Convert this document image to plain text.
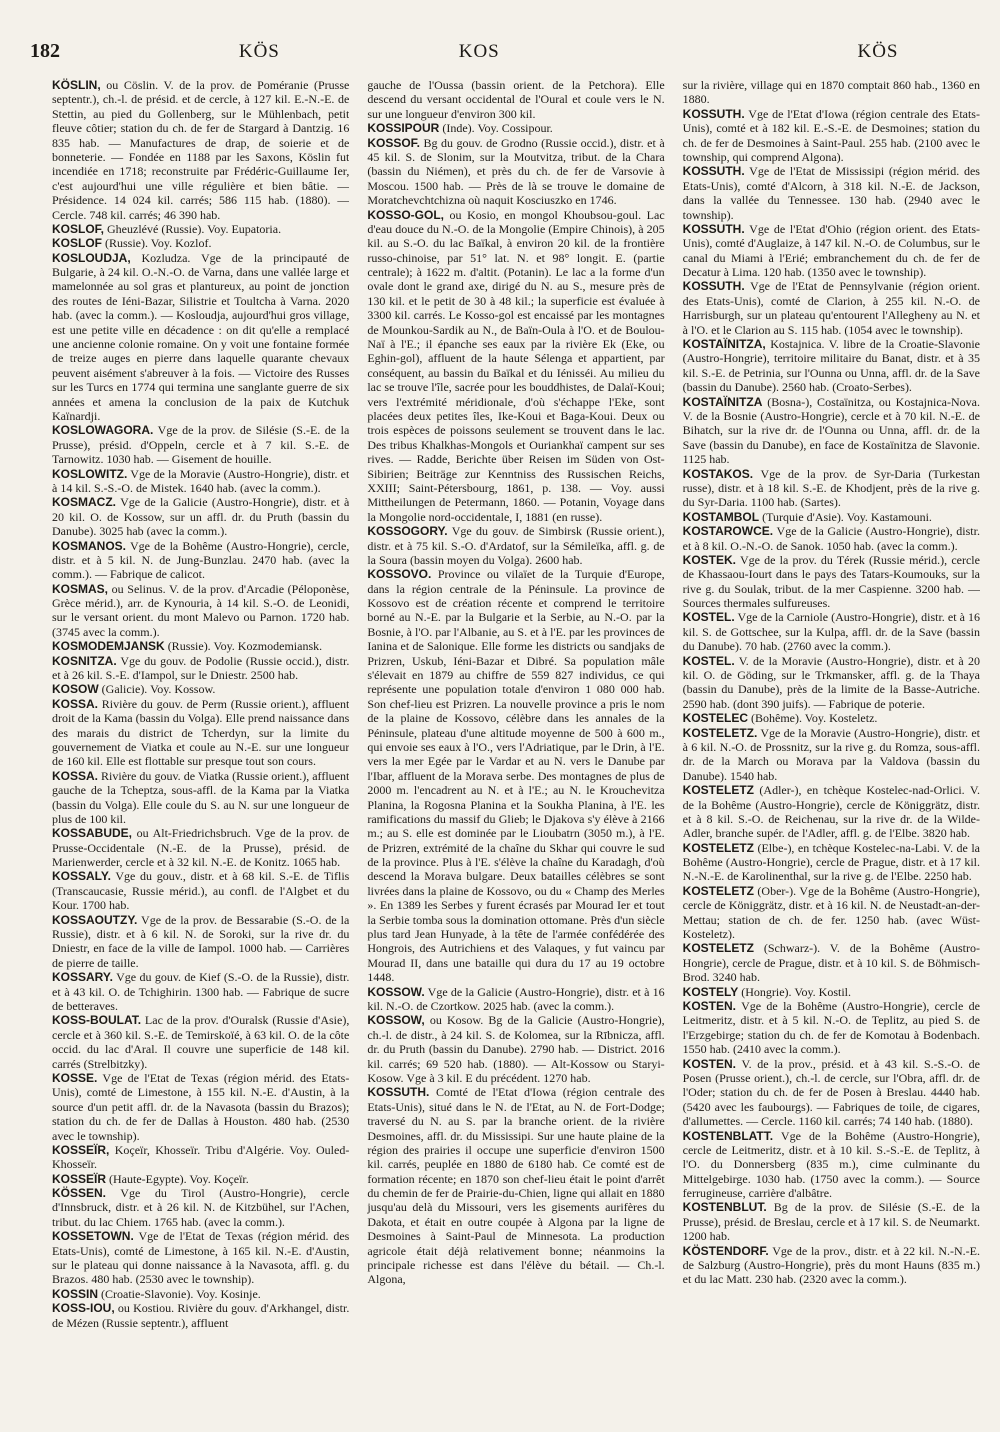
182	KÖS	KOS	KÖS

KÖSLIN, ou Cöslin. V. de la prov. de Poméranie (Prusse septentr.), ch.-l. de présid. et de cercle, à 127 kil. E.-N.-E. de Stettin, au pied du Gollenberg, sur le Mühlenbach, petit fleuve côtier; station du ch. de fer de Stargard à Dantzig. 16 835 hab. — Manufactures de drap, de soierie et de bonneterie. — Fondée en 1188 par les Saxons, Köslin fut incendiée en 1718; reconstruite par Frédéric-Guillaume Ier, c'est aujourd'hui une ville régulière et bien bâtie. — Présidence. 14 024 kil. carrés; 586 115 hab. (1880). — Cercle. 748 kil. carrés; 46 390 hab.

KOSLOF, Gheuzlévé (Russie). Voy. Eupatoria.

KOSLOF (Russie). Voy. Kozlof.

KOSLOUDJA, Kozludza. Vge de la principauté de Bulgarie, à 24 kil. O.-N.-O. de Varna, dans une vallée large et mamelonnée au sol gras et plantureux, au point de jonction des routes de Iéni-Bazar, Silistrie et Toultcha à Varna. 2020 hab. (avec la comm.). — Kosloudja, aujourd'hui gros village, est une petite ville en décadence : on dit qu'elle a remplacé une ancienne colonie romaine. On y voit une fontaine formée de treize auges en pierre dans laquelle quarante chevaux peuvent aisément s'abreuver à la fois. — Victoire des Russes sur les Turcs en 1774 qui termina une sanglante guerre de six années et amena la conclusion de la paix de Kutchuk Kaïnardji.

KOSLOWAGORA. Vge de la prov. de Silésie (S.-E. de la Prusse), présid. d'Oppeln, cercle et à 7 kil. S.-E. de Tarnowitz. 1030 hab. — Gisement de houille.

KOSLOWITZ. Vge de la Moravie (Austro-Hongrie), distr. et à 14 kil. S.-S.-O. de Mistek. 1640 hab. (avec la comm.).

KOSMACZ. Vge de la Galicie (Austro-Hongrie), distr. et à 20 kil. O. de Kossow, sur un affl. dr. du Pruth (bassin du Danube). 3025 hab (avec la comm.).

KOSMANOS. Vge de la Bohême (Austro-Hongrie), cercle, distr. et à 5 kil. N. de Jung-Bunzlau. 2470 hab. (avec la comm.). — Fabrique de calicot.

KOSMAS, ou Selinus. V. de la prov. d'Arcadie (Péloponèse, Grèce mérid.), arr. de Kynouria, à 14 kil. S.-O. de Leonidi, sur le versant orient. du mont Malevo ou Parnon. 1720 hab. (3745 avec la comm.).

KOSMODEMJANSK (Russie). Voy. Kozmodemiansk.

KOSNITZA. Vge du gouv. de Podolie (Russie occid.), distr. et à 26 kil. S.-E. d'Iampol, sur le Dniestr. 2500 hab.

KOSOW (Galicie). Voy. Kossow.

KOSSA. Rivière du gouv. de Perm (Russie orient.), affluent droit de la Kama (bassin du Volga). Elle prend naissance dans des marais du district de Tcherdyn, sur la limite du gouvernement de Viatka et coule au N.-E. sur une longueur de 160 kil. Elle est flottable sur presque tout son cours.

KOSSA. Rivière du gouv. de Viatka (Russie orient.), affluent gauche de la Tcheptza, sous-affl. de la Kama par la Viatka (bassin du Volga). Elle coule du S. au N. sur une longueur de plus de 100 kil.

KOSSABUDE, ou Alt-Friedrichsbruch. Vge de la prov. de Prusse-Occidentale (N.-E. de la Prusse), présid. de Marienwerder, cercle et à 32 kil. N.-E. de Konitz. 1065 hab.

KOSSALY. Vge du gouv., distr. et à 68 kil. S.-E. de Tiflis (Transcaucasie, Russie mérid.), au confl. de l'Algbet et du Kour. 1700 hab.

KOSSAOUTZY. Vge de la prov. de Bessarabie (S.-O. de la Russie), distr. et à 6 kil. N. de Soroki, sur la rive dr. du Dniestr, en face de la ville de Iampol. 1000 hab. — Carrières de pierre de taille.

KOSSARY. Vge du gouv. de Kief (S.-O. de la Russie), distr. et à 43 kil. O. de Tchighirin. 1300 hab. — Fabrique de sucre de betteraves.

KOSS-BOULAT. Lac de la prov. d'Ouralsk (Russie d'Asie), cercle et à 360 kil. S.-E. de Temirskoïé, à 63 kil. O. de la côte occid. du lac d'Aral. Il couvre une superficie de 148 kil. carrés (Strelbitzky).

KOSSE. Vge de l'Etat de Texas (région mérid. des Etats-Unis), comté de Limestone, à 155 kil. N.-E. d'Austin, à la source d'un petit affl. dr. de la Navasota (bassin du Brazos); station du ch. de fer de Dallas à Houston. 480 hab. (2530 avec le township).

KOSSEÏR, Koçeïr, Khosseïr. Tribu d'Algérie. Voy. Ouled-Khosseïr.

KOSSEÏR (Haute-Egypte). Voy. Koçeïr.

KÖSSEN. Vge du Tirol (Austro-Hongrie), cercle d'Innsbruck, distr. et à 26 kil. N. de Kitzbühel, sur l'Achen, tribut. du lac Chiem. 1765 hab. (avec la comm.).

KOSSETOWN. Vge de l'Etat de Texas (région mérid. des Etats-Unis), comté de Limestone, à 165 kil. N.-E. d'Austin, sur le plateau qui donne naissance à la Navasota, affl. g. du Brazos. 480 hab. (2530 avec le township).

KOSSIN (Croatie-Slavonie). Voy. Kosinje.

KOSS-IOU, ou Kostiou. Rivière du gouv. d'Arkhangel, distr. de Mézen (Russie septentr.), affluent

gauche de l'Oussa (bassin orient. de la Petchora). Elle descend du versant occidental de l'Oural et coule vers le N. sur une longueur d'environ 300 kil.

KOSSIPOUR (Inde). Voy. Cossipour.

KOSSOF. Bg du gouv. de Grodno (Russie occid.), distr. et à 45 kil. S. de Slonim, sur la Moutvitza, tribut. de la Chara (bassin du Niémen), et près du ch. de fer de Varsovie à Moscou. 1500 hab. — Près de là se trouve le domaine de Moratchevchtchizna où naquit Kosciuszko en 1746.

KOSSO-GOL, ou Kosio, en mongol Khoubsou-goul. Lac d'eau douce du N.-O. de la Mongolie (Empire Chinois), à 205 kil. au S.-O. du lac Baïkal, à environ 20 kil. de la frontière russo-chinoise, par 51° lat. N. et 98° longit. E. (partie centrale); à 1622 m. d'altit. (Potanin). Le lac a la forme d'un ovale dont le grand axe, dirigé du N. au S., mesure près de 130 kil. et le petit de 30 à 48 kil.; la superficie est évaluée à 3300 kil. carrés. Le Kosso-gol est encaissé par les montagnes de Mounkou-Sardik au N., de Baïn-Oula à l'O. et de Boulou-Naï à l'E.; il épanche ses eaux par la rivière Ek (Eke, ou Eghin-gol), affluent de la haute Sélenga et appartient, par conséquent, au bassin du Baïkal et du Iénisséi. Au milieu du lac se trouve l'île, sacrée pour les bouddhistes, de Dalaï-Koui; vers l'extrémité méridionale, d'où s'échappe l'Eke, sont placées deux petites îles, Ike-Koui et Baga-Koui. Deux ou trois espèces de poissons seulement se trouvent dans le lac. Des tribus Khalkhas-Mongols et Ouriankhaï campent sur ses rives. — Radde, Berichte über Reisen im Süden von Ost-Sibirien; Beiträge zur Kenntniss des Russischen Reichs, XXIII; Saint-Pétersbourg, 1861, p. 138. — Voy. aussi Mittheilungen de Petermann, 1860. — Potanin, Voyage dans la Mongolie nord-occidentale, I, 1881 (en russe).

KOSSOGORY. Vge du gouv. de Simbirsk (Russie orient.), distr. et à 75 kil. S.-O. d'Ardatof, sur la Sémileïka, affl. g. de la Soura (bassin moyen du Volga). 2600 hab.

KOSSOVO. Province ou vilaïet de la Turquie d'Europe, dans la région centrale de la Péninsule. La province de Kossovo est de création récente et comprend le territoire borné au N.-E. par la Bulgarie et la Serbie, au N.-O. par la Bosnie, à l'O. par l'Albanie, au S. et à l'E. par les provinces de Ianina et de Salonique. Elle forme les districts ou sandjaks de Prizren, Uskub, Iéni-Bazar et Dibré. Sa population mâle s'élevait en 1879 au chiffre de 559 827 individus, ce qui représente une population totale d'environ 1 080 000 hab. Son chef-lieu est Prizren. La nouvelle province a pris le nom de la plaine de Kossovo, célèbre dans les annales de la Péninsule, plateau d'une altitude moyenne de 500 à 600 m., qui envoie ses eaux à l'O., vers l'Adriatique, par le Drin, à l'E. vers la mer Egée par le Vardar et au N. vers le Danube par l'Ibar, affluent de la Morava serbe. Des montagnes de plus de 2000 m. l'encadrent au N. et à l'E.; au N. le Krouchevitza Planina, la Rogosna Planina et la Soukha Planina, à l'E. les ramifications du massif du Glieb; le Djakova s'y élève à 2166 m.; au S. elle est dominée par le Lioubatrn (3050 m.), à l'E. de Prizren, extrémité de la chaîne du Skhar qui couvre le sud de la province. Plus à l'E. s'élève la chaîne du Karadagh, d'où descend la Morava bulgare. Deux batailles célèbres se sont livrées dans la plaine de Kossovo, ou du « Champ des Merles ». En 1389 les Serbes y furent écrasés par Mourad Ier et tout la Serbie tomba sous la domination ottomane. Près d'un siècle plus tard Jean Hunyade, à la tête de l'armée confédérée des Hongrois, des Autrichiens et des Valaques, y fut vaincu par Mourad II, dans une bataille qui dura du 17 au 19 octobre 1448.

KOSSOW. Vge de la Galicie (Austro-Hongrie), distr. et à 16 kil. N.-O. de Czortkow. 2025 hab. (avec la comm.).

KOSSOW, ou Kosow. Bg de la Galicie (Austro-Hongrie), ch.-l. de distr., à 24 kil. S. de Kolomea, sur la Rībnicza, affl. dr. du Pruth (bassin du Danube). 2790 hab. — District. 2016 kil. carrés; 69 520 hab. (1880). — Alt-Kossow ou Staryi-Kosow. Vge à 3 kil. E du précédent. 1270 hab.

KOSSUTH. Comté de l'Etat d'Iowa (région centrale des Etats-Unis), situé dans le N. de l'Etat, au N. de Fort-Dodge; traversé du N. au S. par la branche orient. de la rivière Desmoines, affl. dr. du Mississipi. Sur une haute plaine de la région des prairies il occupe une superficie d'environ 1500 kil. carrés, peuplée en 1880 de 6180 hab. Ce comté est de formation récente; en 1870 son chef-lieu était le point d'arrêt du chemin de fer de Prairie-du-Chien, ligne qui allait en 1880 jusqu'au delà du Missouri, vers les gisements aurifères du Dakota, et était en outre coupée à Algona par la ligne de Desmoines à Saint-Paul de Minnesota. La production agricole était déjà relativement bonne; néanmoins la principale richesse est dans l'élève du bétail. — Ch.-l. Algona,

sur la rivière, village qui en 1870 comptait 860 hab., 1360 en 1880.

KOSSUTH. Vge de l'Etat d'Iowa (région centrale des Etats-Unis), comté et à 182 kil. E.-S.-E. de Desmoines; station du ch. de fer de Desmoines à Saint-Paul. 255 hab. (2100 avec le township, qui comprend Algona).

KOSSUTH. Vge de l'Etat de Mississipi (région mérid. des Etats-Unis), comté d'Alcorn, à 318 kil. N.-E. de Jackson, dans la vallée du Tennessee. 130 hab. (2940 avec le township).

KOSSUTH. Vge de l'Etat d'Ohio (région orient. des Etats-Unis), comté d'Auglaize, à 147 kil. N.-O. de Columbus, sur le canal du Miami à l'Erié; embranchement du ch. de fer de Decatur à Lima. 120 hab. (1350 avec le township).

KOSSUTH. Vge de l'Etat de Pennsylvanie (région orient. des Etats-Unis), comté de Clarion, à 255 kil. N.-O. de Harrisburgh, sur un plateau qu'entourent l'Allegheny au N. et à l'O. et le Clarion au S. 115 hab. (1054 avec le township).

KOSTAÏNITZA, Kostajnica. V. libre de la Croatie-Slavonie (Austro-Hongrie), territoire militaire du Banat, distr. et à 35 kil. S.-E. de Petrinia, sur l'Ounna ou Unna, affl. dr. de la Save (bassin du Danube). 2560 hab. (Croato-Serbes).

KOSTAÏNITZA (Bosna-), Costaïnitza, ou Kostajnica-Nova. V. de la Bosnie (Austro-Hongrie), cercle et à 70 kil. N.-E. de Bihatch, sur la rive dr. de l'Ounna ou Unna, affl. dr. de la Save (bassin du Danube), en face de Kostaïnitza de Slavonie. 1125 hab.

KOSTAKOS. Vge de la prov. de Syr-Daria (Turkestan russe), distr. et à 18 kil. S.-E. de Khodjent, près de la rive g. du Syr-Daria. 1100 hab. (Sartes).

KOSTAMBOL (Turquie d'Asie). Voy. Kastamouni.

KOSTAROWCE. Vge de la Galicie (Austro-Hongrie), distr. et à 8 kil. O.-N.-O. de Sanok. 1050 hab. (avec la comm.).

KOSTEK. Vge de la prov. du Térek (Russie mérid.), cercle de Khassaou-Iourt dans le pays des Tatars-Koumouks, sur la rive g. du Soulak, tribut. de la mer Caspienne. 3200 hab. — Sources thermales sulfureuses.

KOSTEL. Vge de la Carniole (Austro-Hongrie), distr. et à 16 kil. S. de Gottschee, sur la Kulpa, affl. dr. de la Save (bassin du Danube). 70 hab. (2760 avec la comm.).

KOSTEL. V. de la Moravie (Austro-Hongrie), distr. et à 20 kil. O. de Göding, sur le Trkmansker, affl. g. de la Thaya (bassin du Danube), près de la limite de la Basse-Autriche. 2590 hab. (dont 390 juifs). — Fabrique de poterie.

KOSTELEC (Bohême). Voy. Kosteletz.

KOSTELETZ. Vge de la Moravie (Austro-Hongrie), distr. et à 6 kil. N.-O. de Prossnitz, sur la rive g. du Romza, sous-affl. dr. de la March ou Morava par la Valdova (bassin du Danube). 1540 hab.

KOSTELETZ (Adler-), en tchèque Kostelec-nad-Orlici. V. de la Bohême (Austro-Hongrie), cercle de Königgrätz, distr. et à 8 kil. S.-O. de Reichenau, sur la rive dr. de la Wilde-Adler, branche supér. de l'Adler, affl. g. de l'Elbe. 3820 hab.

KOSTELETZ (Elbe-), en tchèque Kostelec-na-Labi. V. de la Bohême (Austro-Hongrie), cercle de Prague, distr. et à 17 kil. N.-N.-E. de Karolinenthal, sur la rive g. de l'Elbe. 2250 hab.

KOSTELETZ (Ober-). Vge de la Bohême (Austro-Hongrie), cercle de Königgrätz, distr. et à 16 kil. N. de Neustadt-an-der-Mettau; station de ch. de fer. 1250 hab. (avec Wüst-Kosteletz).

KOSTELETZ (Schwarz-). V. de la Bohême (Austro-Hongrie), cercle de Prague, distr. et à 10 kil. S. de Böhmisch-Brod. 3240 hab.

KOSTELY (Hongrie). Voy. Kostil.

KOSTEN. Vge de la Bohême (Austro-Hongrie), cercle de Leitmeritz, distr. et à 5 kil. N.-O. de Teplitz, au pied S. de l'Erzgebirge; station du ch. de fer de Komotau à Bodenbach. 1550 hab. (2410 avec la comm.).

KOSTEN. V. de la prov., présid. et à 43 kil. S.-S.-O. de Posen (Prusse orient.), ch.-l. de cercle, sur l'Obra, affl. dr. de l'Oder; station du ch. de fer de Posen à Breslau. 4440 hab. (5420 avec les faubourgs). — Fabriques de toile, de cigares, d'allumettes. — Cercle. 1160 kil. carrés; 74 140 hab. (1880).

KOSTENBLATT. Vge de la Bohême (Austro-Hongrie), cercle de Leitmeritz, distr. et à 10 kil. S.-S.-E. de Teplitz, à l'O. du Donnersberg (835 m.), cime culminante du Mittelgebirge. 1030 hab. (1750 avec la comm.). — Source ferrugineuse, carrière d'albâtre.

KOSTENBLUT. Bg de la prov. de Silésie (S.-E. de la Prusse), présid. de Breslau, cercle et à 17 kil. S. de Neumarkt. 1200 hab.

KÖSTENDORF. Vge de la prov., distr. et à 22 kil. N.-N.-E. de Salzburg (Austro-Hongrie), près du mont Hauns (835 m.) et du lac Matt. 230 hab. (2320 avec la comm.).
